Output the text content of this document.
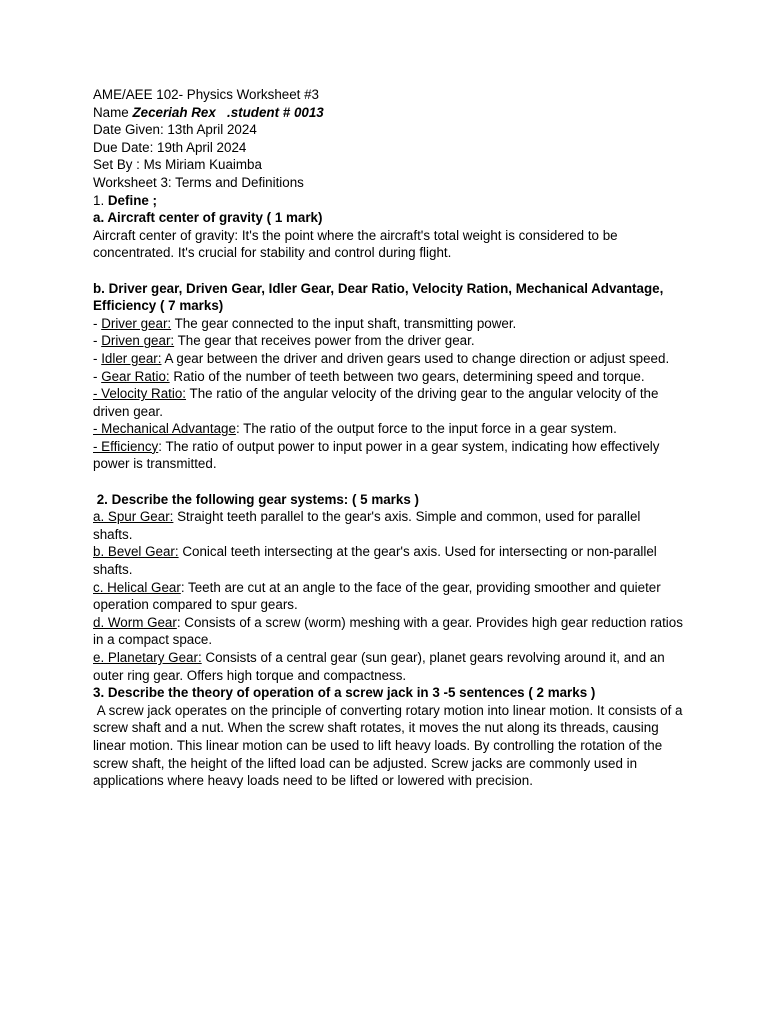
AME/AEE 102- Physics Worksheet #3
Name Zeceriah Rex   .student # 0013
Date Given: 13th April 2024
Due Date: 19th April 2024
Set By : Ms Miriam Kuaimba
Worksheet 3: Terms and Definitions
1. Define ;
a. Aircraft center of gravity ( 1 mark)
Aircraft center of gravity: It's the point where the aircraft's total weight is considered to be concentrated. It's crucial for stability and control during flight.
b. Driver gear, Driven Gear, Idler Gear, Dear Ratio, Velocity Ration, Mechanical Advantage,
Efficiency ( 7 marks)
- Driver gear: The gear connected to the input shaft, transmitting power.
- Driven gear: The gear that receives power from the driver gear.
- Idler gear: A gear between the driver and driven gears used to change direction or adjust speed.
- Gear Ratio: Ratio of the number of teeth between two gears, determining speed and torque.
- Velocity Ratio: The ratio of the angular velocity of the driving gear to the angular velocity of the driven gear.
- Mechanical Advantage: The ratio of the output force to the input force in a gear system.
- Efficiency: The ratio of output power to input power in a gear system, indicating how effectively power is transmitted.
2. Describe the following gear systems: ( 5 marks )
a. Spur Gear: Straight teeth parallel to the gear's axis. Simple and common, used for parallel shafts.
b. Bevel Gear: Conical teeth intersecting at the gear's axis. Used for intersecting or non-parallel shafts.
c. Helical Gear: Teeth are cut at an angle to the face of the gear, providing smoother and quieter operation compared to spur gears.
d. Worm Gear: Consists of a screw (worm) meshing with a gear. Provides high gear reduction ratios in a compact space.
e. Planetary Gear: Consists of a central gear (sun gear), planet gears revolving around it, and an outer ring gear. Offers high torque and compactness.
3. Describe the theory of operation of a screw jack in 3 -5 sentences ( 2 marks )
A screw jack operates on the principle of converting rotary motion into linear motion. It consists of a screw shaft and a nut. When the screw shaft rotates, it moves the nut along its threads, causing linear motion. This linear motion can be used to lift heavy loads. By controlling the rotation of the screw shaft, the height of the lifted load can be adjusted. Screw jacks are commonly used in applications where heavy loads need to be lifted or lowered with precision.
